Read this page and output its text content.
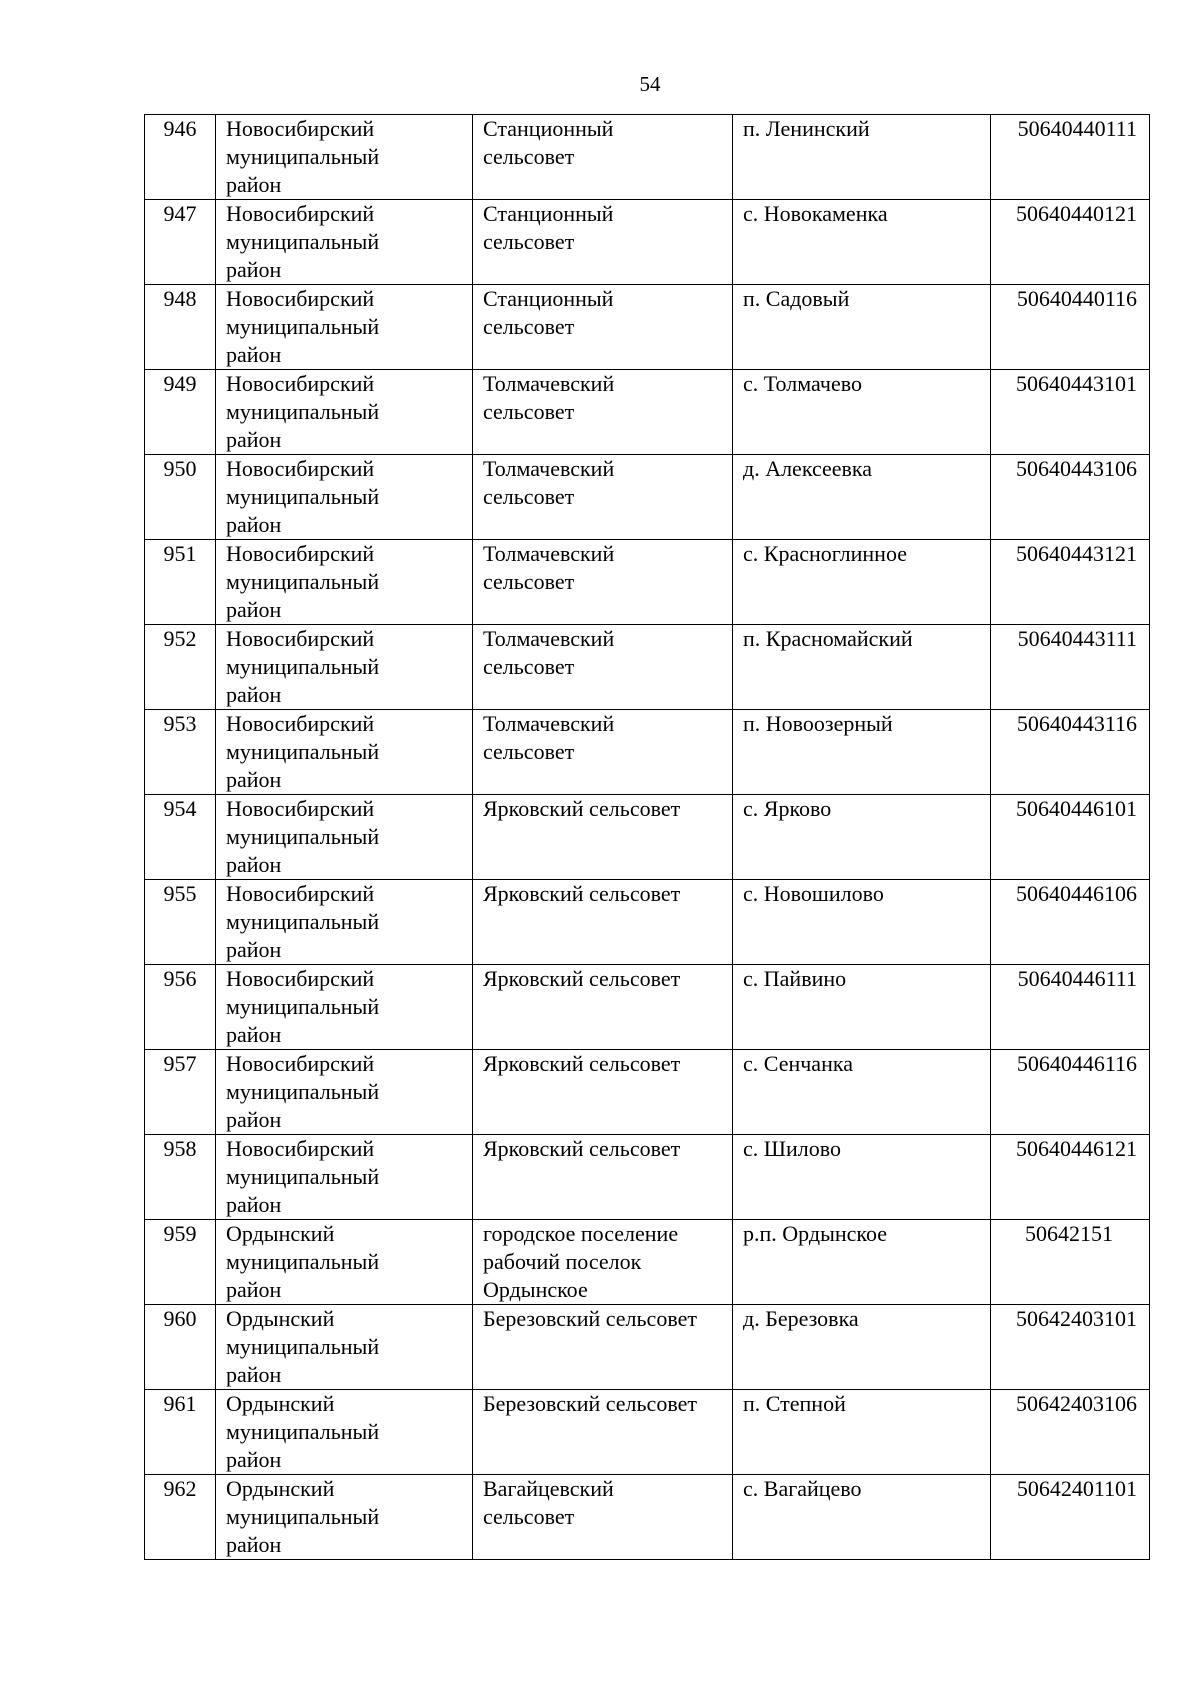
54
946	Новосибирский
муниципальный
район	Станционный
сельсовет	п. Ленинский	50640440111
947	Новосибирский
муниципальный
район	Станционный
сельсовет	с. Новокаменка	50640440121
948	Новосибирский
муниципальный
район	Станционный
сельсовет	п. Садовый	50640440116
949	Новосибирский
муниципальный
район	Толмачевский
сельсовет	с. Толмачево	50640443101
950	Новосибирский
муниципальный
район	Толмачевский
сельсовет	д. Алексеевка	50640443106
951	Новосибирский
муниципальный
район	Толмачевский
сельсовет	с. Красноглинное	50640443121
952	Новосибирский
муниципальный
район	Толмачевский
сельсовет	п. Красномайский	50640443111
953	Новосибирский
муниципальный
район	Толмачевский
сельсовет	п. Новоозерный	50640443116
954	Новосибирский
муниципальный
район	Ярковский сельсовет	с. Ярково	50640446101
955	Новосибирский
муниципальный
район	Ярковский сельсовет	с. Новошилово	50640446106
956	Новосибирский
муниципальный
район	Ярковский сельсовет	с. Пайвино	50640446111
957	Новосибирский
муниципальный
район	Ярковский сельсовет	с. Сенчанка	50640446116
958	Новосибирский
муниципальный
район	Ярковский сельсовет	с. Шилово	50640446121
959	Ордынский
муниципальный
район	городское поселение
рабочий поселок
Ордынское	р.п. Ордынское	50642151
960	Ордынский
муниципальный
район	Березовский сельсовет	д. Березовка	50642403101
961	Ордынский
муниципальный
район	Березовский сельсовет	п. Степной	50642403106
962	Ордынский
муниципальный
район	Вагайцевский
сельсовет	с. Вагайцево	50642401101
